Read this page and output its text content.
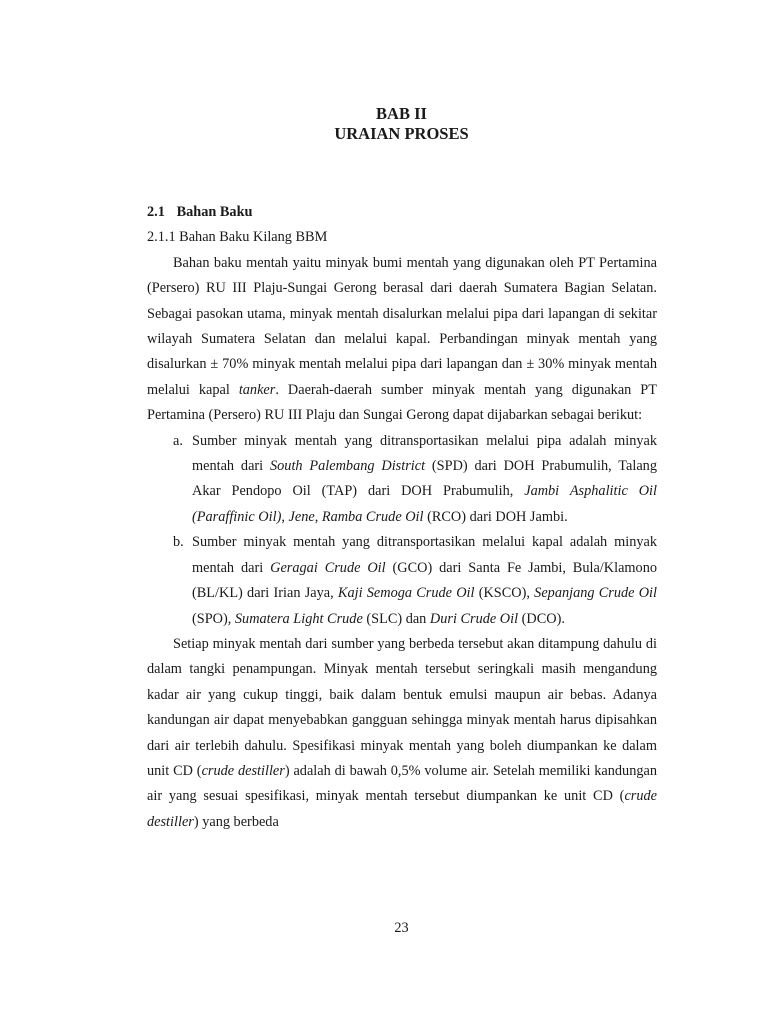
BAB II
URAIAN PROSES

2.1 Bahan Baku

2.1.1 Bahan Baku Kilang BBM

Bahan baku mentah yaitu minyak bumi mentah yang digunakan oleh PT Pertamina (Persero) RU III Plaju-Sungai Gerong berasal dari daerah Sumatera Bagian Selatan. Sebagai pasokan utama, minyak mentah disalurkan melalui pipa dari lapangan di sekitar wilayah Sumatera Selatan dan melalui kapal. Perbandingan minyak mentah yang disalurkan ± 70% minyak mentah melalui pipa dari lapangan dan ± 30% minyak mentah melalui kapal tanker. Daerah-daerah sumber minyak mentah yang digunakan PT Pertamina (Persero) RU III Plaju dan Sungai Gerong dapat dijabarkan sebagai berikut:

a. Sumber minyak mentah yang ditransportasikan melalui pipa adalah minyak mentah dari South Palembang District (SPD) dari DOH Prabumulih, Talang Akar Pendopo Oil (TAP) dari DOH Prabumulih, Jambi Asphalitic Oil (Paraffinic Oil), Jene, Ramba Crude Oil (RCO) dari DOH Jambi.
b. Sumber minyak mentah yang ditransportasikan melalui kapal adalah minyak mentah dari Geragai Crude Oil (GCO) dari Santa Fe Jambi, Bula/Klamono (BL/KL) dari Irian Jaya, Kaji Semoga Crude Oil (KSCO), Sepanjang Crude Oil (SPO), Sumatera Light Crude (SLC) dan Duri Crude Oil (DCO).

Setiap minyak mentah dari sumber yang berbeda tersebut akan ditampung dahulu di dalam tangki penampungan. Minyak mentah tersebut seringkali masih mengandung kadar air yang cukup tinggi, baik dalam bentuk emulsi maupun air bebas. Adanya kandungan air dapat menyebabkan gangguan sehingga minyak mentah harus dipisahkan dari air terlebih dahulu. Spesifikasi minyak mentah yang boleh diumpankan ke dalam unit CD (crude destiller) adalah di bawah 0,5% volume air. Setelah memiliki kandungan air yang sesuai spesifikasi, minyak mentah tersebut diumpankan ke unit CD (crude destiller) yang berbeda

23
